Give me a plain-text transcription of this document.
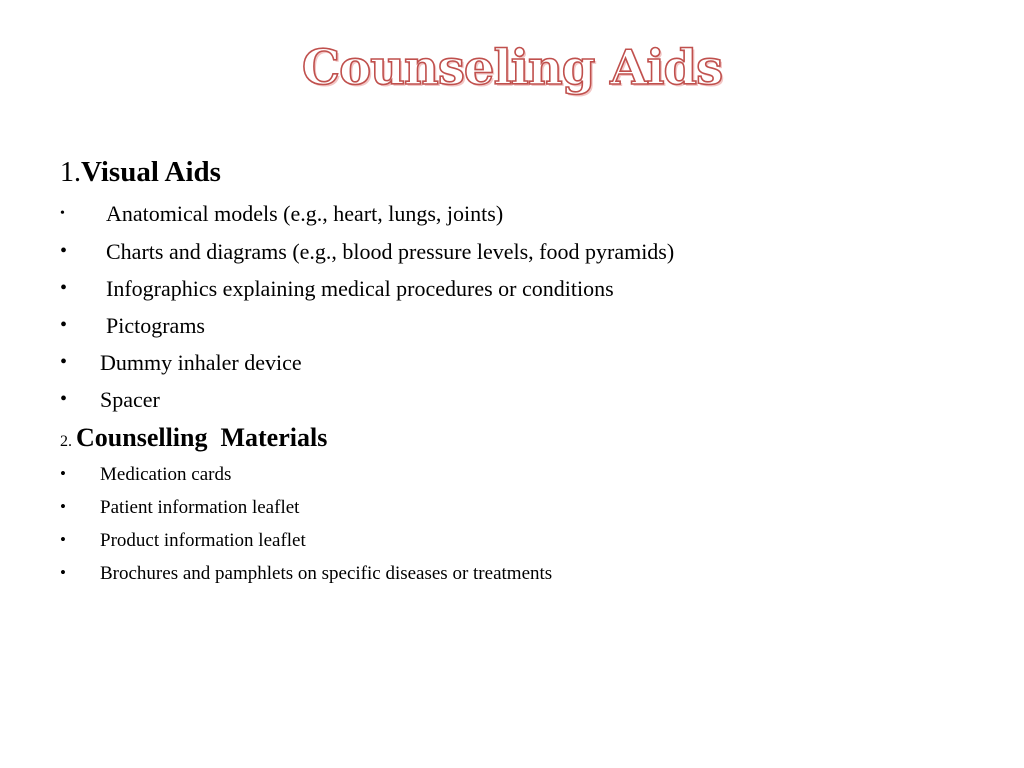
Counseling Aids
1.Visual Aids
• Anatomical models (e.g., heart, lungs, joints)
• Charts and diagrams (e.g., blood pressure levels, food pyramids)
• Infographics explaining medical procedures or conditions
• Pictograms
• Dummy inhaler device
• Spacer
2. Counselling  Materials
• Medication cards
• Patient information leaflet
• Product information leaflet
• Brochures and pamphlets on specific diseases or treatments
